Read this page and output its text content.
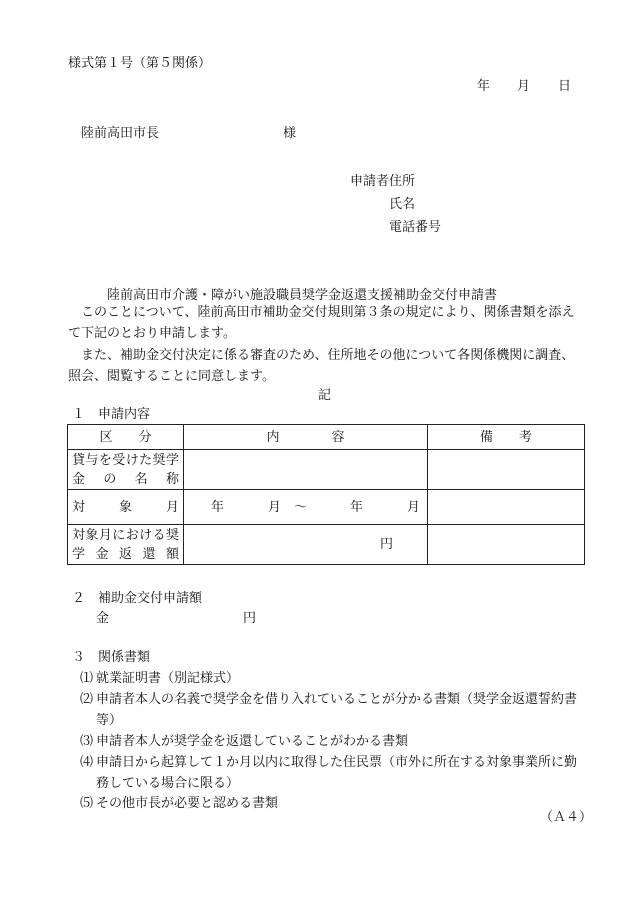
様式第１号（第５関係）
年 月 日
陸前高田市長	様
申請者住所
氏名
電話番号
陸前高田市介護・障がい施設職員奨学金返還支援補助金交付申請書
このことについて、陸前高田市補助金交付規則第３条の規定により、関係書類を添えて下記のとおり申請します。
また、補助金交付決定に係る審査のため、住所地その他について各関係機関に調査、照会、閲覧することに同意します。
記
１　申請内容
区　　分	内　　　　容	備　　考
貸与を受けた奨学金の名称		
対象月	年 月 ～ 年 月	

対象月における奨学金返還額	円	

２　補助金交付申請額
金	円
３　関係書類
⑴ 就業証明書（別記様式）
⑵ 申請者本人の名義で奨学金を借り入れていることが分かる書類（奨学金返還誓約書等）
⑶ 申請者本人が奨学金を返還していることがわかる書類
⑷ 申請日から起算して１か月以内に取得した住民票（市外に所在する対象事業所に勤務している場合に限る）
⑸ その他市長が必要と認める書類
（Ａ４）
